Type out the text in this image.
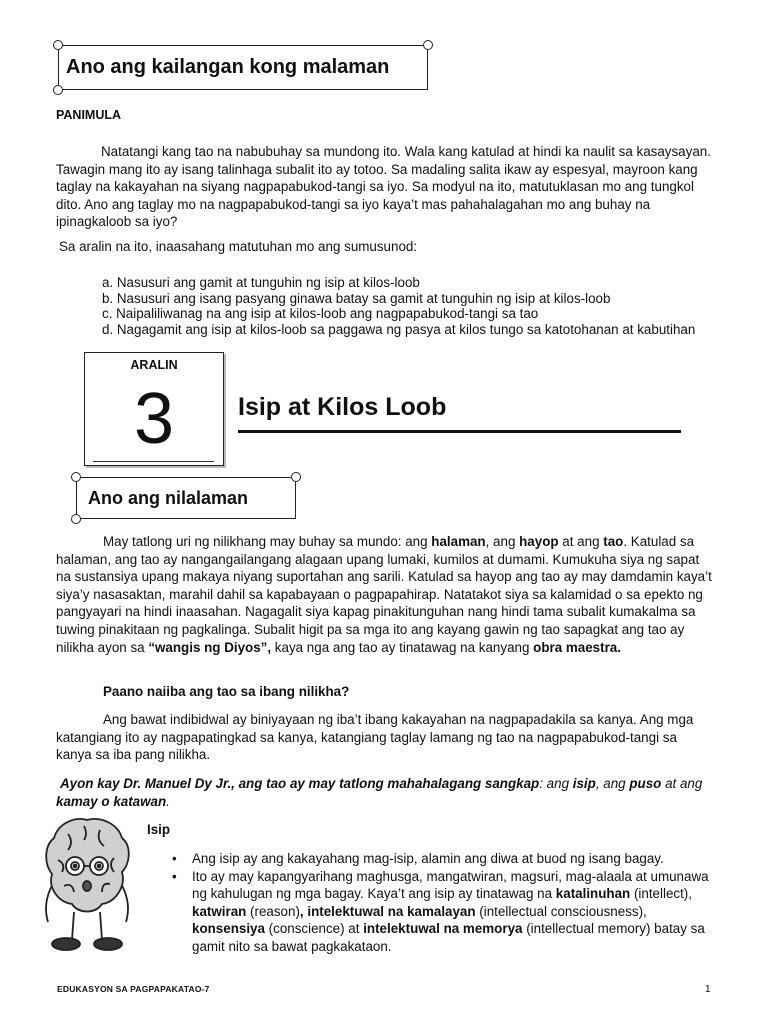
Ano ang kailangan kong malaman
PANIMULA

Natatangi kang tao na nabubuhay sa mundong ito. Wala kang katulad at hindi ka naulit sa kasaysayan. Tawagin mang ito ay isang talinhaga subalit ito ay totoo. Sa madaling salita ikaw ay espesyal, mayroon kang taglay na kakayahan na siyang nagpapabukod-tangi sa iyo. Sa modyul na ito, matutuklasan mo ang tungkol dito. Ano ang taglay mo na nagpapabukod-tangi sa iyo kaya’t mas pahahalagahan mo ang buhay na ipinagkaloob sa iyo?

Sa aralin na ito, inaasahang matutuhan mo ang sumusunod:

a. Nasusuri ang gamit at tunguhin ng isip at kilos-loob
b. Nasusuri ang isang pasyang ginawa batay sa gamit at tunguhin ng isip at kilos-loob
c. Naipaliliwanag na ang isip at kilos-loob ang nagpapabukod-tangi sa tao
d. Nagagamit ang isip at kilos-loob sa paggawa ng pasya at kilos tungo sa katotohanan at kabutihan
ARALIN
3	Isip at Kilos Loob
Ano ang nilalaman

May tatlong uri ng nilikhang may buhay sa mundo: ang halaman, ang hayop at ang tao. Katulad sa halaman, ang tao ay nangangailangang alagaan upang lumaki, kumilos at dumami. Kumukuha siya ng sapat na sustansiya upang makaya niyang suportahan ang sarili. Katulad sa hayop ang tao ay may damdamin kaya’t siya’y nasasaktan, marahil dahil sa kapabayaan o pagpapahirap. Natatakot siya sa kalamidad o sa epekto ng pangyayari na hindi inaasahan. Nagagalit siya kapag pinakitunguhan nang hindi tama subalit kumakalma sa tuwing pinakitaan ng pagkalinga. Subalit higit pa sa mga ito ang kayang gawin ng tao sapagkat ang tao ay nilikha ayon sa “wangis ng Diyos”, kaya nga ang tao ay tinatawag na kanyang obra maestra.

Paano naiiba ang tao sa ibang nilikha?

Ang bawat indibidwal ay biniyayaan ng iba’t ibang kakayahan na nagpapadakila sa kanya. Ang mga katangiang ito ay nagpapatingkad sa kanya, katangiang taglay lamang ng tao na nagpapabukod-tangi sa kanya sa iba pang nilikha.

Ayon kay Dr. Manuel Dy Jr., ang tao ay may tatlong mahahalagang sangkap: ang isip, ang puso at ang kamay o katawan.

Isip
• Ang isip ay ang kakayahang mag-isip, alamin ang diwa at buod ng isang bagay.
• Ito ay may kapangyarihang maghusga, mangatwiran, magsuri, mag-alaala at umunawa ng kahulugan ng mga bagay. Kaya’t ang isip ay tinatawag na katalinuhan (intellect), katwiran (reason), intelektuwal na kamalayan (intellectual consciousness), konsensiya (conscience) at intelektuwal na memorya (intellectual memory) batay sa gamit nito sa bawat pagkakataon.
EDUKASYON SA PAGPAPAKATAO-7	1
